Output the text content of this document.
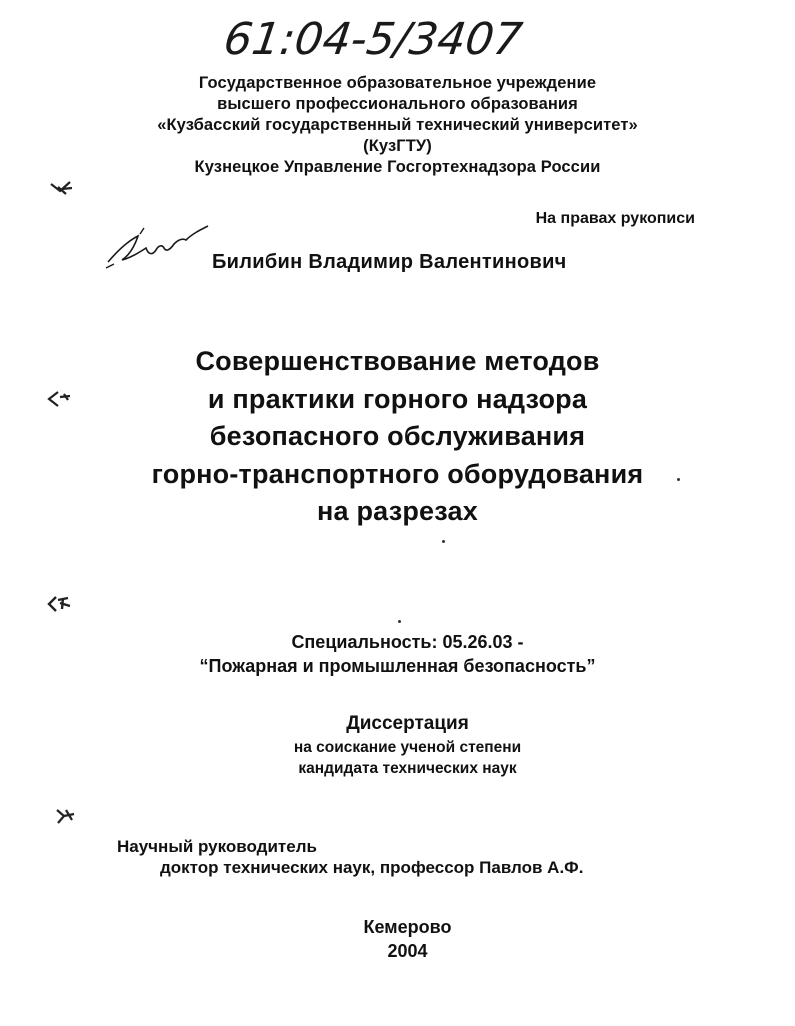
61:04-5/3407
Государственное образовательное учреждение
высшего профессионального образования
«Кузбасский государственный технический университет»
(КузГТУ)
Кузнецкое Управление Госгортехнадзора России
На правах рукописи
Билибин Владимир Валентинович
Совершенствование методов
и практики горного надзора
безопасного обслуживания
горно-транспортного оборудования
на разрезах
Специальность: 05.26.03 -
“Пожарная и промышленная безопасность”
Диссертация
на соискание ученой степени
кандидата технических наук
Научный руководитель
доктор технических наук, профессор Павлов А.Ф.
Кемерово
2004
